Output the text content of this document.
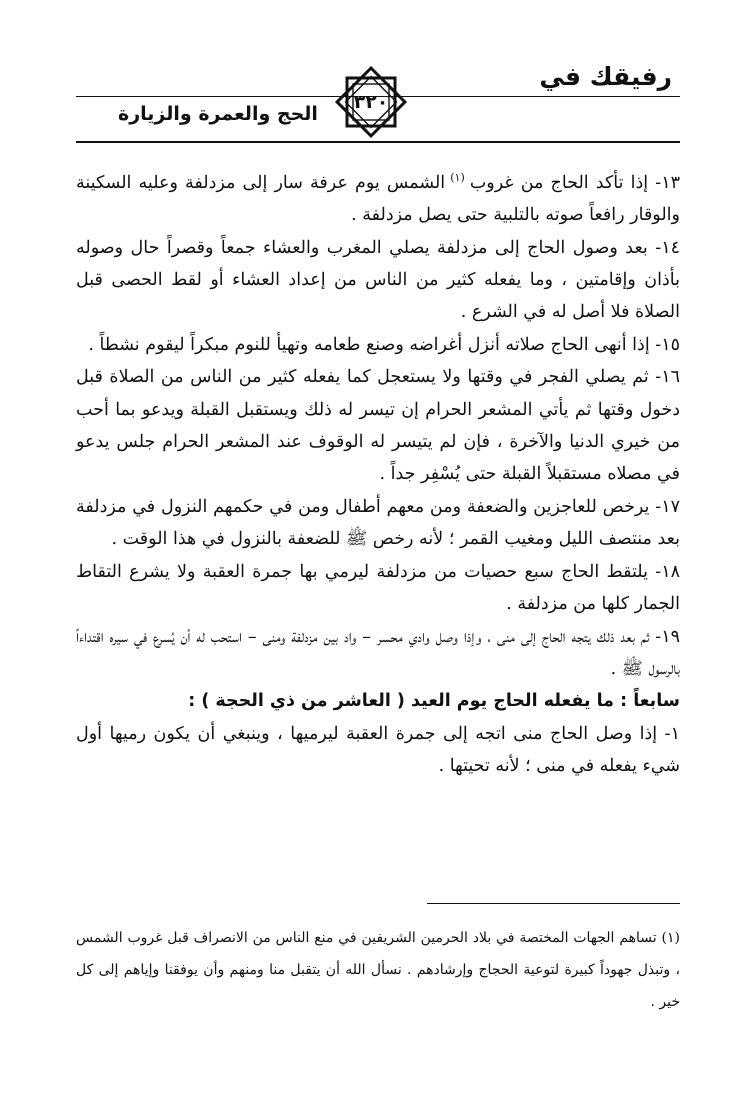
رفيقك في
٣٢٠
الحج والعمرة والزيارة

١٣- إذا تأكد الحاج من غروب $^{(١)}$ الشمس يوم عرفة سار إلى مزدلفة وعليه السكينة والوقار رافعاً صوته بالتلبية حتى يصل مزدلفة .

١٤- بعد وصول الحاج إلى مزدلفة يصلي المغرب والعشاء جمعاً وقصراً حال وصوله بأذان وإقامتين ، وما يفعله كثير من الناس من إعداد العشاء أو لقط الحصى قبل الصلاة فلا أصل له في الشرع .

١٥- إذا أنهى الحاج صلاته أنزل أغراضه وصنع طعامه وتهيأ للنوم مبكراً ليقوم نشطاً .

١٦- ثم يصلي الفجر في وقتها ولا يستعجل كما يفعله كثير من الناس من الصلاة قبل دخول وقتها ثم يأتي المشعر الحرام إن تيسر له ذلك ويستقبل القبلة ويدعو بما أحب من خيري الدنيا والآخرة ، فإن لم يتيسر له الوقوف عند المشعر الحرام جلس يدعو في مصلاه مستقبلاً القبلة حتى يُسْفِر جداً .

١٧- يرخص للعاجزين والضعفة ومن معهم أطفال ومن في حكمهم النزول في مزدلفة بعد منتصف الليل ومغيب القمر ؛ لأنه رخص ﷺ للضعفة بالنزول في هذا الوقت .

١٨- يلتقط الحاج سبع حصيات من مزدلفة ليرمي بها جمرة العقبة ولا يشرع التقاط الجمار كلها من مزدلفة .

١٩- ثم بعد ذلك يتجه الحاج إلى منى ، وإذا وصل وادي محسر – واد بين مزدلفة ومنى – استحب له أن يُسرع في سيره اقتداءاً بالرسول ﷺ .

سابعاً : ما يفعله الحاج يوم العيد ( العاشر من ذي الحجة ) :

١- إذا وصل الحاج منى اتجه إلى جمرة العقبة ليرميها ، وينبغي أن يكون رميها أول شيء يفعله في منى ؛ لأنه تحيتها .

(١) تساهم الجهات المختصة في بلاد الحرمين الشريفين في منع الناس من الانصراف قبل غروب الشمس ، وتبذل جهوداً كبيرة لتوعية الحجاج وإرشادهم . نسأل الله أن يتقبل منا ومنهم وأن يوفقنا وإياهم إلى كل خير .
